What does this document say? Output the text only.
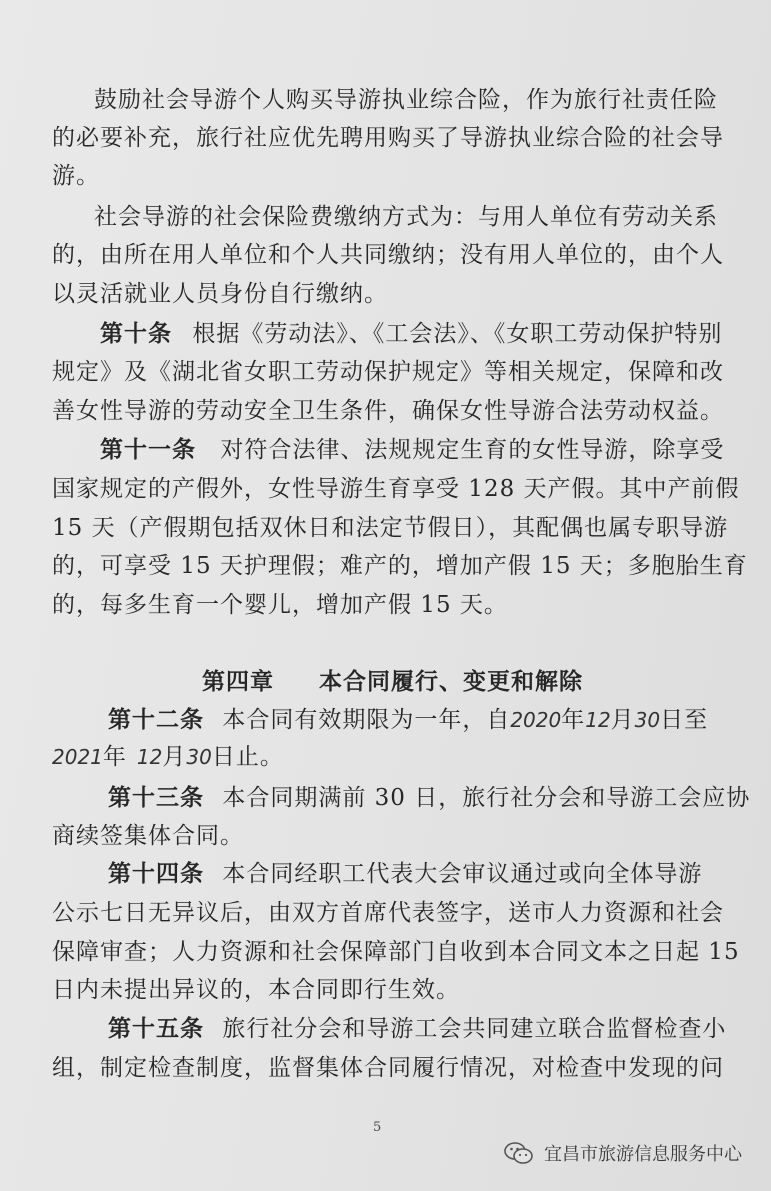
鼓励社会导游个人购买导游执业综合险，作为旅行社责任险
的必要补充，旅行社应优先聘用购买了导游执业综合险的社会导
游。
社会导游的社会保险费缴纳方式为：与用人单位有劳动关系
的，由所在用人单位和个人共同缴纳；没有用人单位的，由个人
以灵活就业人员身份自行缴纳。
第十条 根据《劳动法》、《工会法》、《女职工劳动保护特别
规定》及《湖北省女职工劳动保护规定》等相关规定，保障和改
善女性导游的劳动安全卫生条件，确保女性导游合法劳动权益。
第十一条 对符合法律、法规规定生育的女性导游，除享受
国家规定的产假外，女性导游生育享受 128 天产假。其中产前假
15 天（产假期包括双休日和法定节假日），其配偶也属专职导游
的，可享受 15 天护理假；难产的，增加产假 15 天；多胞胎生育
的，每多生育一个婴儿，增加产假 15 天。
第四章 本合同履行、变更和解除
第十二条 本合同有效期限为一年，自2020年12月30日至
2021年 12月30日止。
第十三条 本合同期满前 30 日，旅行社分会和导游工会应协
商续签集体合同。
第十四条 本合同经职工代表大会审议通过或向全体导游
公示七日无异议后，由双方首席代表签字，送市人力资源和社会
保障审查；人力资源和社会保障部门自收到本合同文本之日起 15
日内未提出异议的，本合同即行生效。
第十五条 旅行社分会和导游工会共同建立联合监督检查小
组，制定检查制度，监督集体合同履行情况，对检查中发现的问
5
宜昌市旅游信息服务中心
